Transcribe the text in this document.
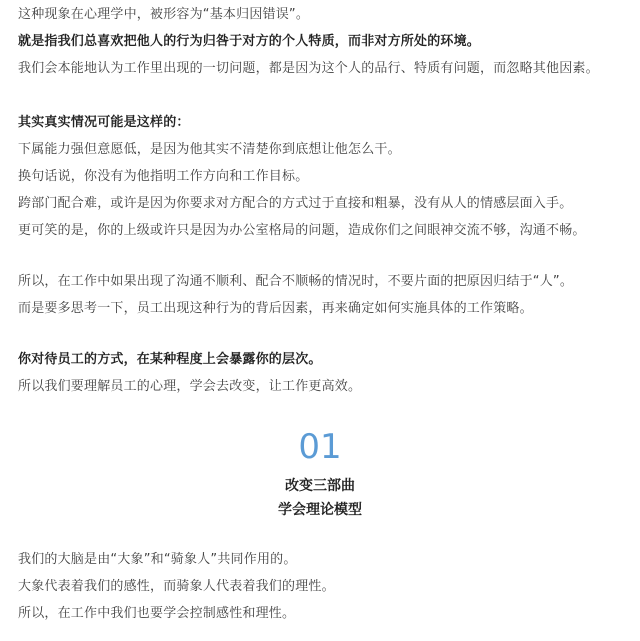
这种现象在心理学中，被形容为“基本归因错误”。
就是指我们总喜欢把他人的行为归咎于对方的个人特质，而非对方所处的环境。
我们会本能地认为工作里出现的一切问题，都是因为这个人的品行、特质有问题，而忽略其他因素。
其实真实情况可能是这样的：
下属能力强但意愿低，是因为他其实不清楚你到底想让他怎么干。
换句话说，你没有为他指明工作方向和工作目标。
跨部门配合难，或许是因为你要求对方配合的方式过于直接和粗暴，没有从人的情感层面入手。
更可笑的是，你的上级或许只是因为办公室格局的问题，造成你们之间眼神交流不够，沟通不畅。
所以，在工作中如果出现了沟通不顺利、配合不顺畅的情况时，不要片面的把原因归结于“人”。
而是要多思考一下，员工出现这种行为的背后因素，再来确定如何实施具体的工作策略。
你对待员工的方式，在某种程度上会暴露你的层次。
所以我们要理解员工的心理，学会去改变，让工作更高效。
01
改变三部曲
学会理论模型
我们的大脑是由“大象”和“骑象人”共同作用的。
大象代表着我们的感性，而骑象人代表着我们的理性。
所以，在工作中我们也要学会控制感性和理性。
